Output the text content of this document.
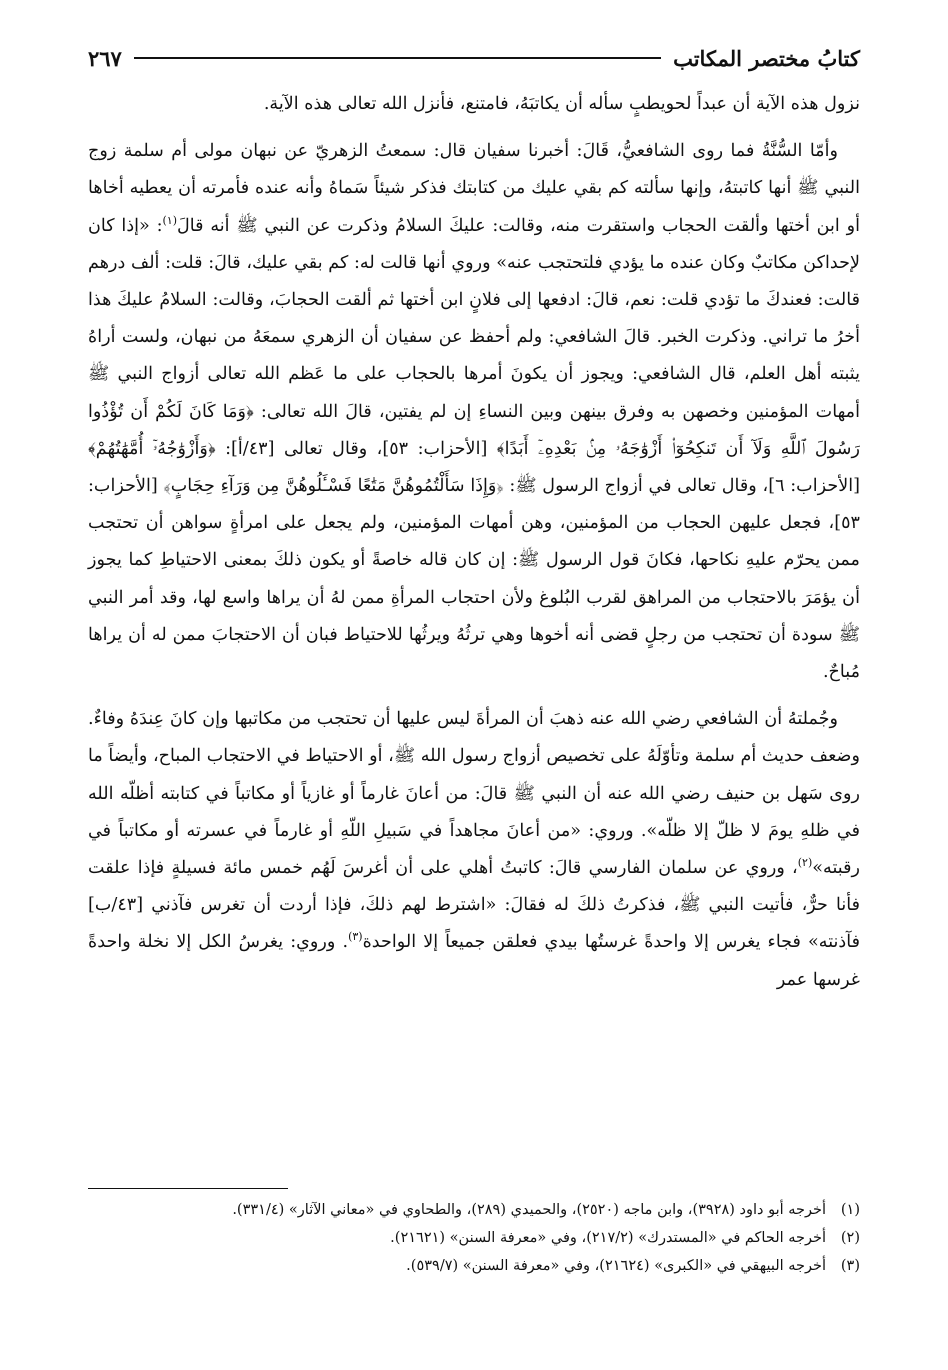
كتابُ مختصر المكاتب
٢٦٧

نزول هذه الآية أن عبداً لحويطبٍ سأله أن يكاتبَهُ، فامتنع، فأنزل الله تعالى هذه الآية.

وأمّا السُّنَّةُ فما روى الشافعيُّ، قَالَ: أخبرنا سفيان قال: سمعتُ الزهريّ عن نبهان مولى أم سلمة زوج النبي ﷺ أنها كاتبتهُ، وإنها سألته كم بقي عليك من كتابتك فذكر شيئاً سَماهُ وأنه عنده فأمرته أن يعطيه أخاها أو ابن أختها وألقت الحجاب واستقرت منه، وقالت: عليكَ السلامُ وذكرت عن النبي ﷺ أنه قالَ$^{(١)}$: «إذا كان لإحداكن مكاتبٌ وكان عنده ما يؤدي فلتحتجب عنه» وروي أنها قالت له: كم بقي عليك، قالَ: قلت: ألف درهم قالت: فعندكَ ما تؤدي قلت: نعم، قالَ: ادفعها إلى فلانٍ ابن أختها ثم ألقت الحجابَ، وقالت: السلامُ عليكَ هذا أخرُ ما تراني. وذكرت الخبر. قالَ الشافعي: ولم أحفظ عن سفيان أن الزهري سمعَهُ من نبهان، ولست أراهُ يثبته أهل العلم، قال الشافعي: ويجوز أن يكونَ أمرها بالحجاب على ما عَظم الله تعالى أزواج النبي ﷺ أمهات المؤمنين وخصهن به وفرق بينهن وبين النساءِ إن لم يفتين، قالَ الله تعالى: ﴿وَمَا كَانَ لَكُمْ أَن تُؤْذُوا رَسُولَ ٱللَّهِ وَلَآ أَن تَنكِحُوٓا۟ أَزْوَٰجَهُۥ مِنۢ بَعْدِهِۦٓ أَبَدًا﴾ [الأحزاب: ٥٣]، وقال تعالى [٤٣/أ]: ﴿وَأَزْوَٰجُهُۥٓ أُمَّهَٰتُهُمْ﴾ [الأحزاب: ٦]، وقال تعالى في أزواج الرسول ﷺ: ﴿وَإِذَا سَأَلْتُمُوهُنَّ مَتَٰعًا فَسْـَٔلُوهُنَّ مِن وَرَآءِ حِجَابٍ﴾ [الأحزاب: ٥٣]، فجعل عليهن الحجاب من المؤمنين، وهن أمهات المؤمنين، ولم يجعل على امرأةٍ سواهن أن تحتجب ممن يحرّم عليهِ نكاحها، فكانَ قول الرسول ﷺ: إن كان قاله خاصةً أو يكون ذلكَ بمعنى الاحتياطِ كما يجوز أن يؤمَرَ بالاحتجاب من المراهق لقرب البُلوغ ولأن احتجاب المرأةِ ممن لهُ أن يراها واسع لها، وقد أمر النبي ﷺ سودة أن تحتجب من رجلٍ قضى أنه أخوها وهي ترثُهُ ويرثُها للاحتياط فبان أن الاحتجابَ ممن له أن يراها مُباحٌ.

وجُملتهُ أن الشافعي رضي الله عنه ذهبَ أن المرأةَ ليس عليها أن تحتجب من مكاتبها وإن كانَ عِندَهُ وفاءٌ. وضعف حديث أم سلمة وتأوّلَهُ على تخصيص أزواج رسول الله ﷺ، أو الاحتياط في الاحتجاب المباح، وأيضاً ما روى سَهل بن حنيف رضي الله عنه أن النبي ﷺ قالَ: من أعانَ غارماً أو غازياً أو مكاتباً في كتابته أظلّه الله في ظلهِ يومَ لا ظلّ إلا ظلّه». وروي: «من أعانَ مجاهداً في سَبيلِ اللّهِ أو غارماً في عسرته أو مكاتباً في رقبته»$^{(٢)}$، وروي عن سلمان الفارسي قالَ: كاتبتُ أهلي على أن أغرسَ لَهُم خمس مائة فسيلةٍ فإذا علقت فأنا حرٌّ، فأتيت النبي ﷺ، فذكرتُ ذلكَ له فقالَ: «اشترط لهم ذلكَ، فإذا أردت أن تغرس فآذني [٤٣/ب] فآذنته» فجاء يغرس إلا واحدةً غرستُها بيدي فعلقن جميعاً إلا الواحدة$^{(٣)}$. وروي: يغرسُ الكل إلا نخلة واحدةً غرسها عمر

(١)
أخرجه أبو داود (٣٩٢٨)، وابن ماجه (٢٥٢٠)، والحميدي (٢٨٩)، والطحاوي في «معاني الآثار» (٣٣١/٤).
(٢)
أخرجه الحاكم في «المستدرك» (٢١٧/٢)، وفي «معرفة السنن» (٢١٦٢١).
(٣)
أخرجه البيهقي في «الكبرى» (٢١٦٢٤)، وفي «معرفة السنن» (٥٣٩/٧).
